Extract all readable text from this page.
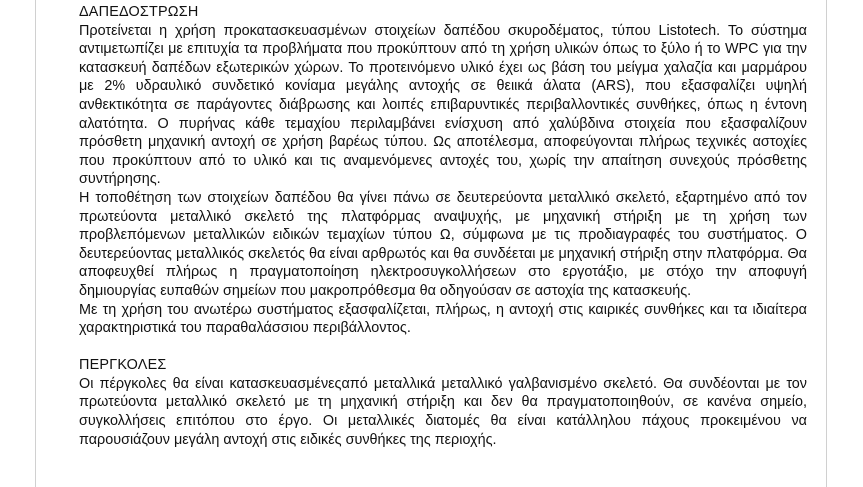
ΔΑΠΕΔΟΣΤΡΩΣΗ

Προτείνεται η χρήση προκατασκευασμένων στοιχείων δαπέδου σκυροδέματος, τύπου Listotech. Το σύστημα αντιμετωπίζει με επιτυχία τα προβλήματα που προκύπτουν από τη χρήση υλικών όπως το ξύλο ή το WPC για την κατασκευή δαπέδων εξωτερικών χώρων. Το προτεινόμενο υλικό έχει ως βάση του μείγμα χαλαζία και μαρμάρου με 2% υδραυλικό συνδετικό κονίαμα μεγάλης αντοχής σε θειικά άλατα (ARS), που εξασφαλίζει υψηλή ανθεκτικότητα σε παράγοντες διάβρωσης και λοιπές επιβαρυντικές περιβαλλοντικές συνθήκες, όπως η έντονη αλατότητα. Ο πυρήνας κάθε τεμαχίου περιλαμβάνει ενίσχυση από χαλύβδινα στοιχεία που εξασφαλίζουν πρόσθετη μηχανική αντοχή σε χρήση βαρέως τύπου. Ως αποτέλεσμα, αποφεύγονται πλήρως τεχνικές αστοχίες που προκύπτουν από το υλικό και τις αναμενόμενες αντοχές του, χωρίς την απαίτηση συνεχούς πρόσθετης συντήρησης.

Η τοποθέτηση των στοιχείων δαπέδου θα γίνει πάνω σε δευτερεύοντα μεταλλικό σκελετό, εξαρτημένο από τον πρωτεύοντα μεταλλικό σκελετό της πλατφόρμας αναψυχής, με μηχανική στήριξη με τη χρήση των προβλεπόμενων μεταλλικών ειδικών τεμαχίων τύπου Ω, σύμφωνα με τις προδιαγραφές του συστήματος. Ο δευτερεύοντας μεταλλικός σκελετός θα είναι αρθρωτός και θα συνδέεται με μηχανική στήριξη στην πλατφόρμα. Θα αποφευχθεί πλήρως η πραγματοποίηση ηλεκτροσυγκολλήσεων στο εργοτάξιο, με στόχο την αποφυγή δημιουργίας ευπαθών σημείων που μακροπρόθεσμα θα οδηγούσαν σε αστοχία της κατασκευής.

Με τη χρήση του ανωτέρω συστήματος εξασφαλίζεται, πλήρως, η αντοχή στις καιρικές συνθήκες και τα ιδιαίτερα χαρακτηριστικά του παραθαλάσσιου περιβάλλοντος.

ΠΕΡΓΚΟΛΕΣ

Οι πέργκολες θα είναι κατασκευασμένεςαπό μεταλλικά μεταλλικό γαλβανισμένο σκελετό. Θα συνδέονται με τον πρωτεύοντα μεταλλικό σκελετό με τη μηχανική στήριξη και δεν θα πραγματοποιηθούν, σε κανένα σημείο, συγκολλήσεις επιτόπου στο έργο. Οι μεταλλικές διατομές θα είναι κατάλληλου πάχους προκειμένου να παρουσιάζουν μεγάλη αντοχή στις ειδικές συνθήκες της περιοχής.
